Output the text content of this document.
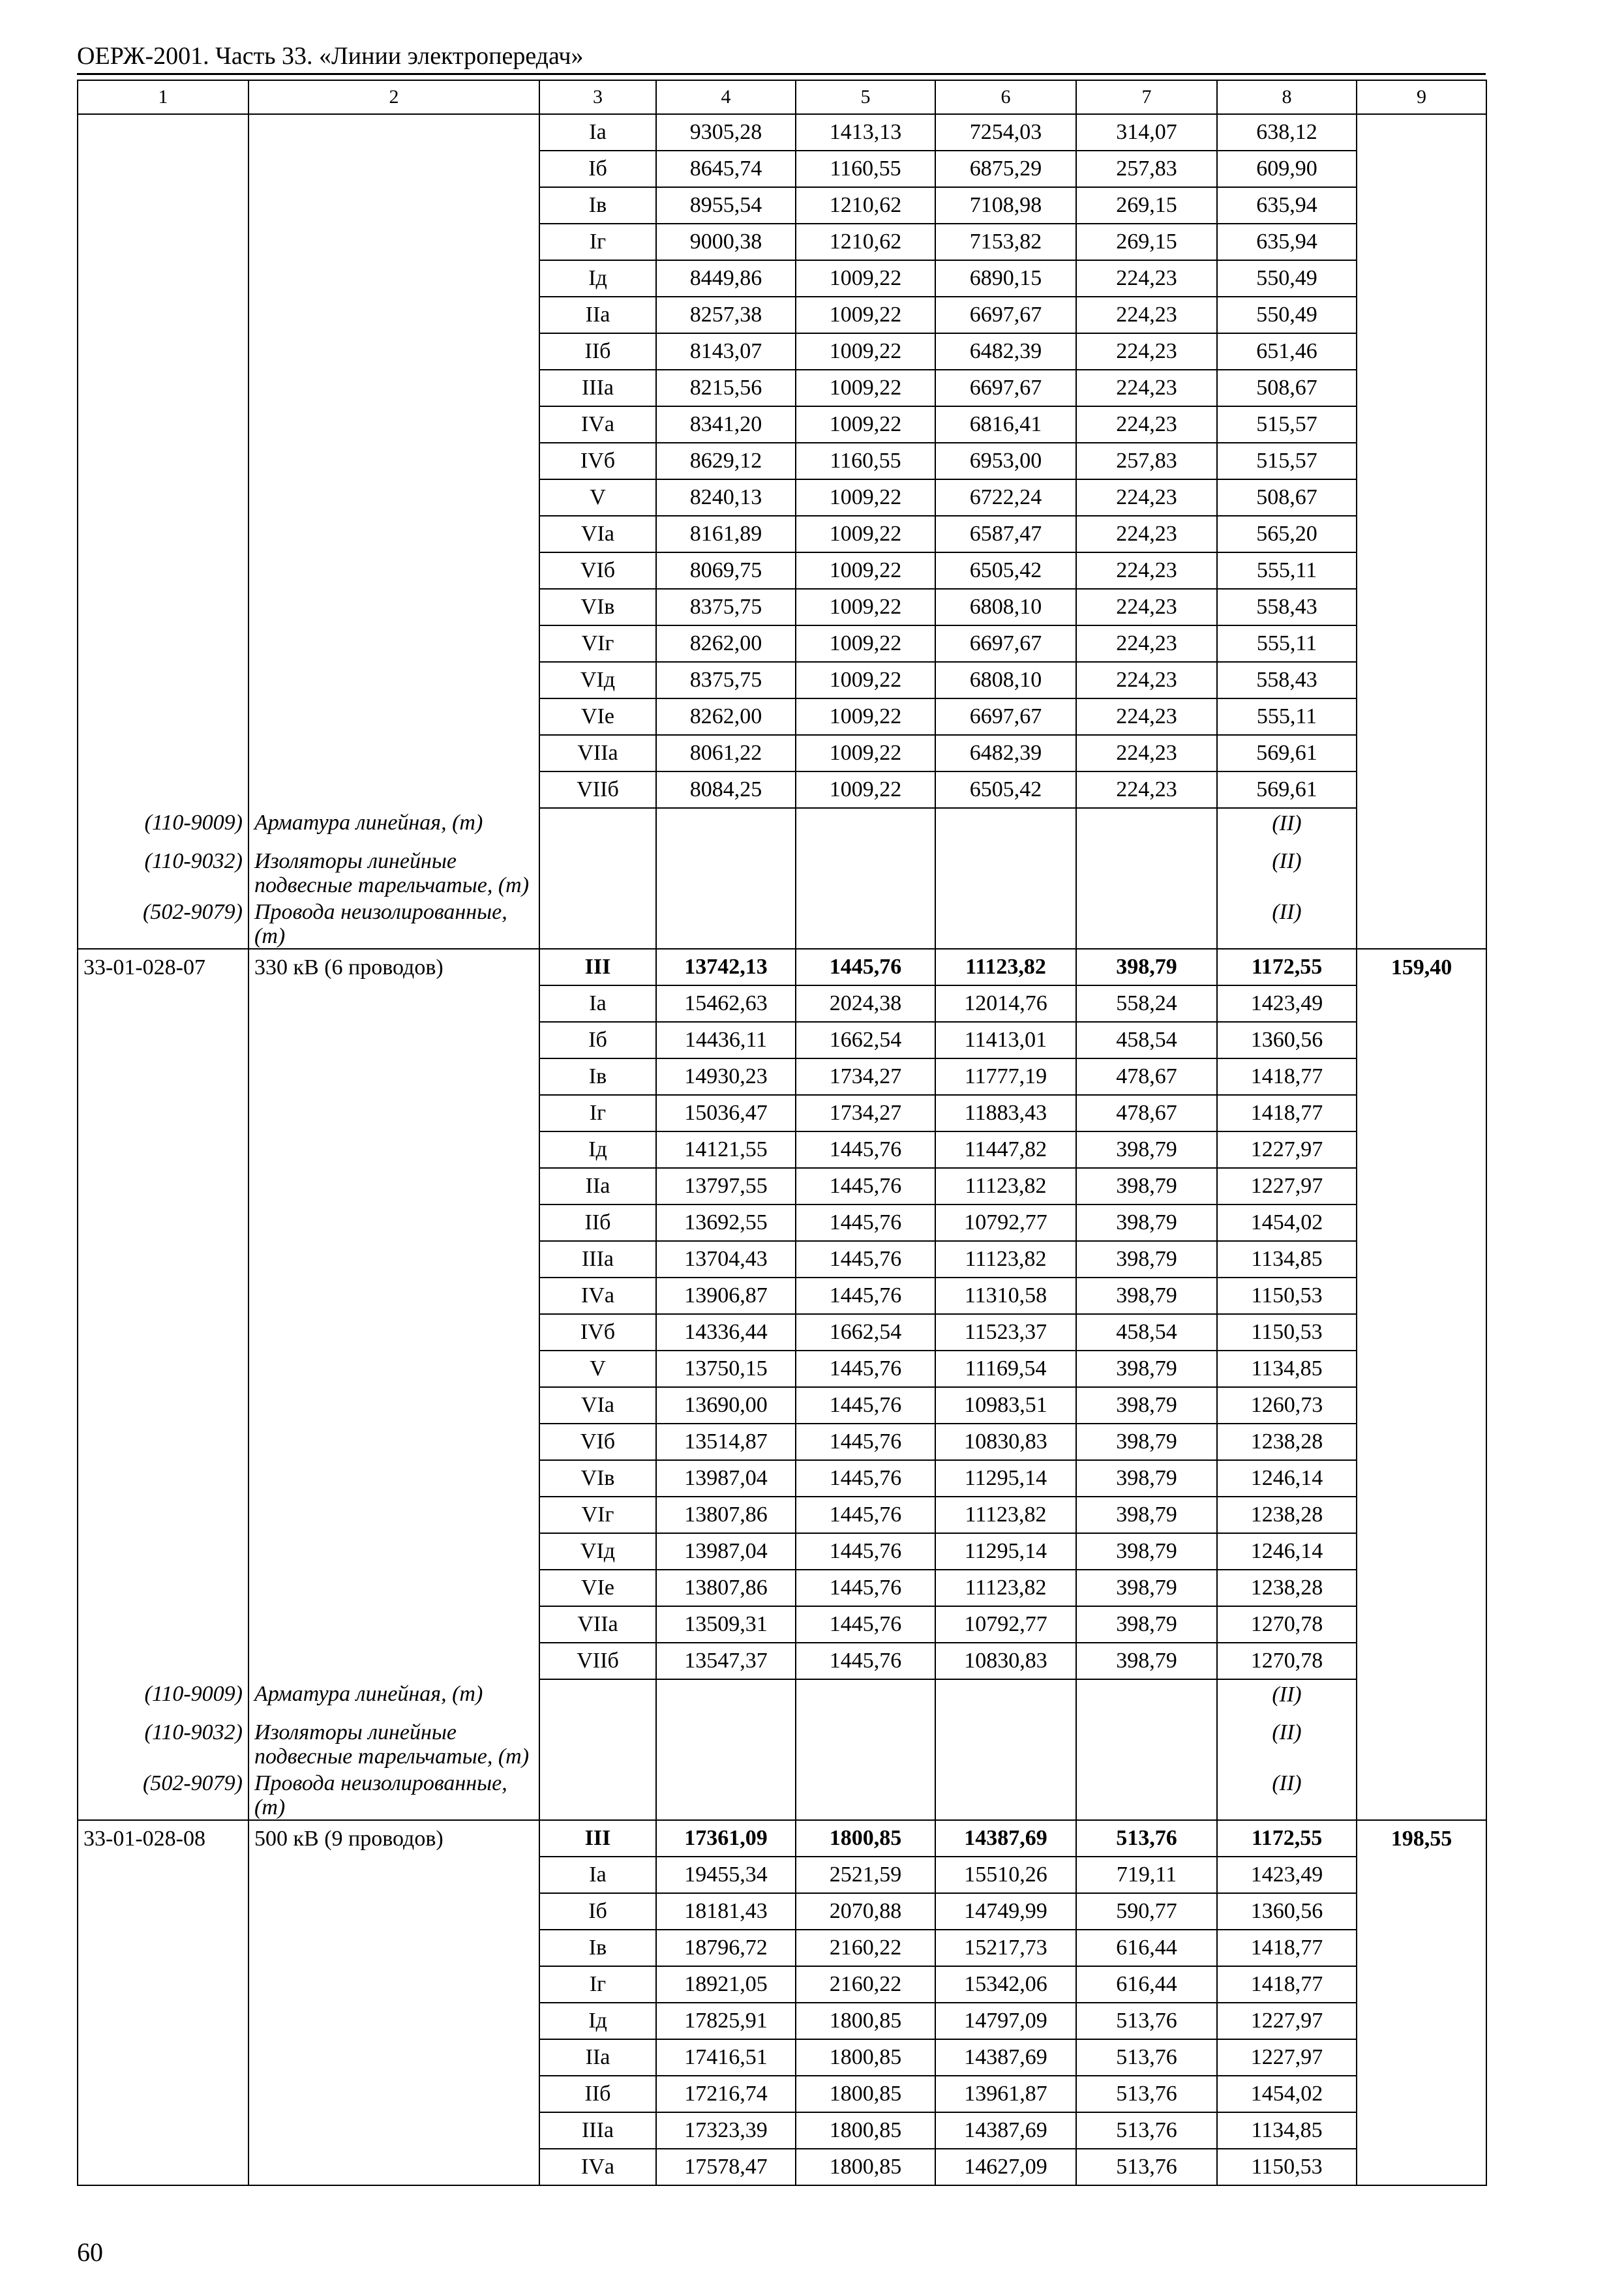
ОЕРЖ-2001. Часть 33. «Линии электропередач»
1	2	3	4	5	6	7	8	9
		Iа	9305,28	1413,13	7254,03	314,07	638,12	
		Iб	8645,74	1160,55	6875,29	257,83	609,90	
		Iв	8955,54	1210,62	7108,98	269,15	635,94	
		Iг	9000,38	1210,62	7153,82	269,15	635,94	
		Iд	8449,86	1009,22	6890,15	224,23	550,49	
		IIа	8257,38	1009,22	6697,67	224,23	550,49	
		IIб	8143,07	1009,22	6482,39	224,23	651,46	
		IIIа	8215,56	1009,22	6697,67	224,23	508,67	
		IVа	8341,20	1009,22	6816,41	224,23	515,57	
		IVб	8629,12	1160,55	6953,00	257,83	515,57	
		V	8240,13	1009,22	6722,24	224,23	508,67	
		VIа	8161,89	1009,22	6587,47	224,23	565,20	
		VIб	8069,75	1009,22	6505,42	224,23	555,11	
		VIв	8375,75	1009,22	6808,10	224,23	558,43	
		VIг	8262,00	1009,22	6697,67	224,23	555,11	
		VIд	8375,75	1009,22	6808,10	224,23	558,43	
		VIе	8262,00	1009,22	6697,67	224,23	555,11	
		VIIа	8061,22	1009,22	6482,39	224,23	569,61	
		VIIб	8084,25	1009,22	6505,42	224,23	569,61	
(110-9009)	Арматура линейная, (т)						(II)	
(110-9032)	Изоляторы линейные подвесные тарельчатые, (т)						(II)	
(502-9079)	Провода неизолированные, (т)						(II)	
33-01-028-07	330 кВ (6 проводов)	III	13742,13	1445,76	11123,82	398,79	1172,55	159,40
		Iа	15462,63	2024,38	12014,76	558,24	1423,49	
		Iб	14436,11	1662,54	11413,01	458,54	1360,56	
		Iв	14930,23	1734,27	11777,19	478,67	1418,77	
		Iг	15036,47	1734,27	11883,43	478,67	1418,77	
		Iд	14121,55	1445,76	11447,82	398,79	1227,97	
		IIа	13797,55	1445,76	11123,82	398,79	1227,97	
		IIб	13692,55	1445,76	10792,77	398,79	1454,02	
		IIIа	13704,43	1445,76	11123,82	398,79	1134,85	
		IVа	13906,87	1445,76	11310,58	398,79	1150,53	
		IVб	14336,44	1662,54	11523,37	458,54	1150,53	
		V	13750,15	1445,76	11169,54	398,79	1134,85	
		VIа	13690,00	1445,76	10983,51	398,79	1260,73	
		VIб	13514,87	1445,76	10830,83	398,79	1238,28	
		VIв	13987,04	1445,76	11295,14	398,79	1246,14	
		VIг	13807,86	1445,76	11123,82	398,79	1238,28	
		VIд	13987,04	1445,76	11295,14	398,79	1246,14	
		VIе	13807,86	1445,76	11123,82	398,79	1238,28	
		VIIа	13509,31	1445,76	10792,77	398,79	1270,78	
		VIIб	13547,37	1445,76	10830,83	398,79	1270,78	
(110-9009)	Арматура линейная, (т)						(II)	
(110-9032)	Изоляторы линейные подвесные тарельчатые, (т)						(II)	
(502-9079)	Провода неизолированные, (т)						(II)	
33-01-028-08	500 кВ (9 проводов)	III	17361,09	1800,85	14387,69	513,76	1172,55	198,55
		Iа	19455,34	2521,59	15510,26	719,11	1423,49	
		Iб	18181,43	2070,88	14749,99	590,77	1360,56	
		Iв	18796,72	2160,22	15217,73	616,44	1418,77	
		Iг	18921,05	2160,22	15342,06	616,44	1418,77	
		Iд	17825,91	1800,85	14797,09	513,76	1227,97	
		IIа	17416,51	1800,85	14387,69	513,76	1227,97	
		IIб	17216,74	1800,85	13961,87	513,76	1454,02	
		IIIа	17323,39	1800,85	14387,69	513,76	1134,85	
		IVа	17578,47	1800,85	14627,09	513,76	1150,53	
60
